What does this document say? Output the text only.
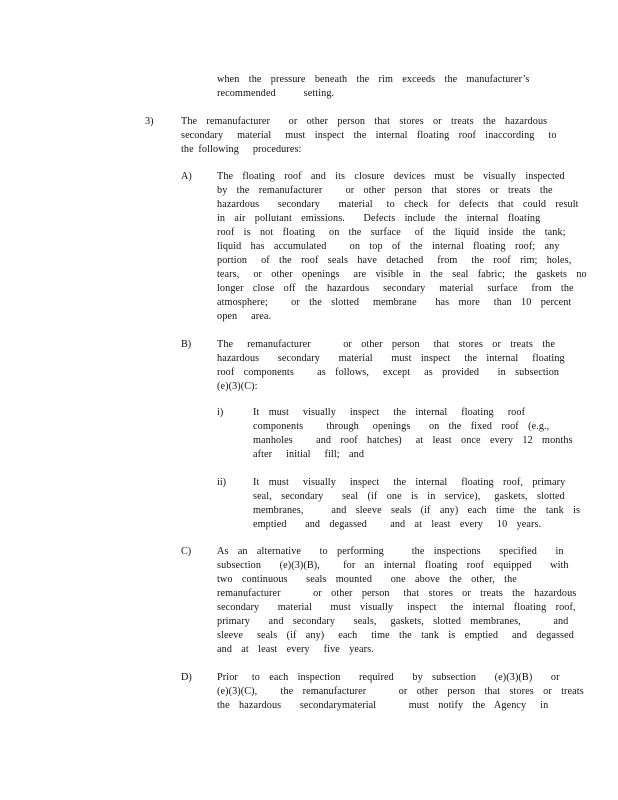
when  the  pressure  beneath  the  rim  exceeds  the  manufacturer’s
recommended      setting.
3)	The  remanufacturer    or  other  person  that  stores  or  treats  the  hazardous
secondary   material   must  inspect  the  internal  floating  roof  inaccording   to
the following   procedures:
A) The  floating  roof  and  its  closure  devices  must  be  visually  inspected
by  the  remanufacturer     or  other  person  that  stores  or  treats  the
hazardous    secondary    material   to  check  for  defects  that  could  result
in  air  pollutant  emissions.    Defects  include  the  internal  floating
roof  is  not  floating   on  the  surface   of  the  liquid  inside  the  tank;
liquid  has  accumulated     on  top  of  the  internal  floating  roof;  any
portion   of  the  roof  seals  have  detached   from   the  roof  rim;  holes,
tears,   or  other  openings   are  visible  in  the  seal  fabric;  the  gaskets  no
longer  close  off  the  hazardous   secondary   material   surface   from  the
atmosphere;     or  the  slotted   membrane    has  more   than  10  percent
open   area.
B)	The   remanufacturer       or  other  person   that  stores  or  treats  the
hazardous    secondary    material    must  inspect   the  internal   floating
roof  components     as  follows,   except   as  provided    in  subsection
(e)(3)(C):
i)	It  must   visually   inspect   the  internal   floating   roof
components     through   openings    on  the  fixed  roof  (e.g.,
manholes     and  roof  hatches)   at  least  once  every  12  months
after   initial   fill;  and
ii)	It  must   visually   inspect   the  internal   floating  roof,  primary
seal,  secondary    seal  (if  one  is  in  service),   gaskets,  slotted
membranes,      and  sleeve  seals  (if  any)  each  time  the  tank  is
emptied    and  degassed     and  at  least  every   10  years.
C)	As  an  alternative    to  performing      the  inspections    specified    in
subsection    (e)(3)(B),     for  an  internal  floating  roof  equipped    with
two  continuous    seals  mounted    one  above  the  other,  the
remanufacturer       or  other  person   that  stores  or  treats  the  hazardous
secondary    material    must  visually   inspect   the  internal  floating  roof,
primary    and  secondary    seals,   gaskets,  slotted  membranes,       and
sleeve   seals  (if  any)   each   time  the  tank  is  emptied   and  degassed
and  at  least  every   five  years.
D) Prior   to  each  inspection    required    by  subsection    (e)(3)(B)    or
(e)(3)(C),     the  remanufacturer       or  other  person  that  stores  or  treats
the  hazardous    secondarymaterial       must  notify  the  Agency   in
